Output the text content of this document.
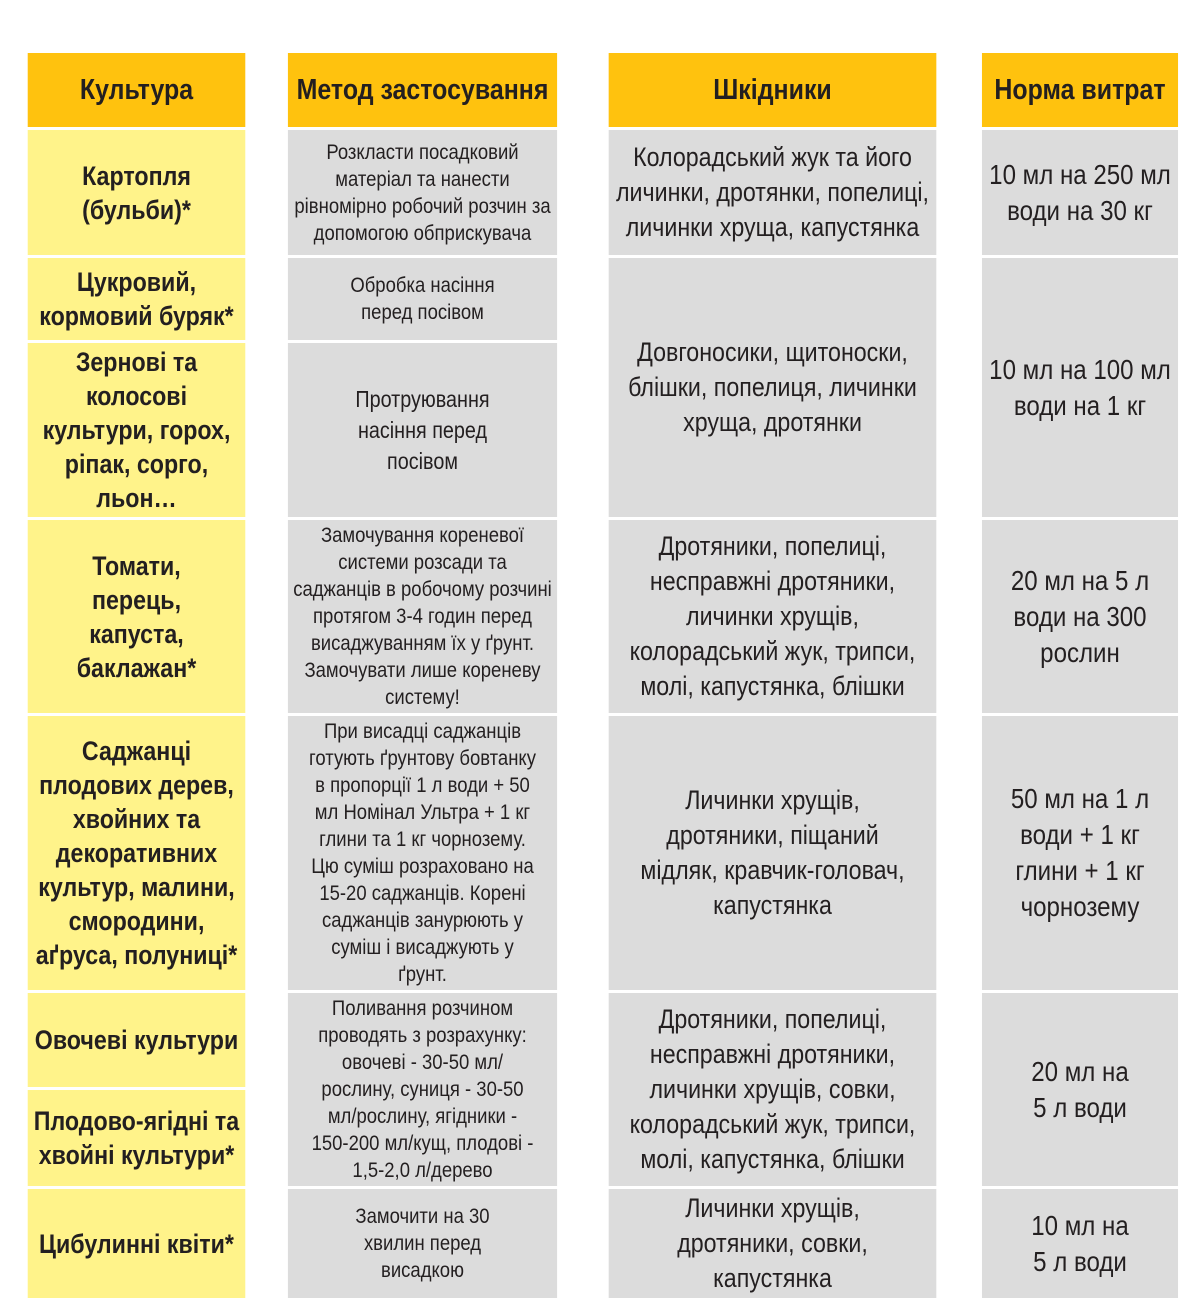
Культура	Метод застосування	Шкідники	Норма витрат

Картопля (бульби)*	Розкласти посадковий матеріал та нанести рівномірно робочий розчин за допомогою обприскувача	Колорадський жук та його личинки, дротянки, попелиці, личинки хруща, капустянка	10 мл на 250 мл води на 30 кг

Цукровий, кормовий буряк*	Обробка насіння перед посівом	Довгоносики, щитоноски, блішки, попелиця, личинки хруща, дротянки	10 мл на 100 мл води на 1 кг

Зернові та колосові культури, горох, ріпак, сорго, льон…	Протруювання насіння перед посівом		

Томати, перець, капуста, баклажан*	Замочування кореневої системи розсади та саджанців в робочому розчині протягом 3-4 годин перед висаджуванням їх у ґрунт. Замочувати лише кореневу систему!	Дротяники, попелиці, несправжні дротяники, личинки хрущів, колорадський жук, трипси, молі, капустянка, блішки	20 мл на 5 л води на 300 рослин

Саджанці плодових дерев, хвойних та декоративних культур, малини, смородини, аґруса, полуниці*	При висадці саджанців готують ґрунтову бовтанку в пропорції 1 л води + 50 мл Номінал Ультра + 1 кг глини та 1 кг чорнозему. Цю суміш розраховано на 15-20 саджанців. Корені саджанців занурюють у суміш і висаджують у ґрунт.	Личинки хрущів, дротяники, піщаний мідляк, кравчик-головач, капустянка	50 мл на 1 л води + 1 кг глини + 1 кг чорнозему

Овочеві культури	Поливання розчином проводять з розрахунку: овочеві - 30-50 мл/рослину, суниця - 30-50 мл/рослину, ягідники - 150-200 мл/кущ, плодові - 1,5-2,0 л/дерево	Дротяники, попелиці, несправжні дротяники, личинки хрущів, совки, колорадський жук, трипси, молі, капустянка, блішки	20 мл на 5 л води

Плодово-ягідні та хвойні культури*			

Цибулинні квіти*	Замочити на 30 хвилин перед висадкою	Личинки хрущів, дротяники, совки, капустянка	10 мл на 5 л води
